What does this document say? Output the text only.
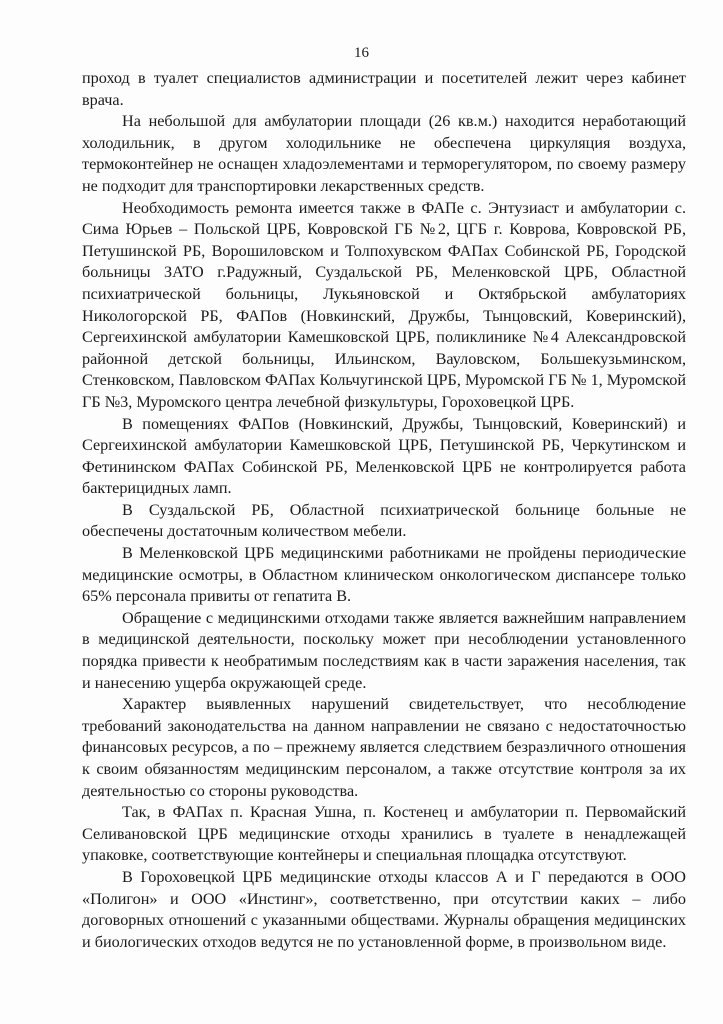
16

проход в туалет специалистов администрации и посетителей лежит через кабинет врача.

На небольшой для амбулатории площади (26 кв.м.) находится неработающий холодильник, в другом холодильнике не обеспечена циркуляция воздуха, термоконтейнер не оснащен хладоэлементами и терморегулятором, по своему размеру не подходит для транспортировки лекарственных средств.

Необходимость ремонта имеется также в ФАПе с. Энтузиаст и амбулатории с. Сима Юрьев – Польской ЦРБ, Ковровской ГБ №2, ЦГБ г. Коврова, Ковровской РБ, Петушинской РБ, Ворошиловском и Толпохувском ФАПах Собинской РБ, Городской больницы ЗАТО г.Радужный, Суздальской РБ, Меленковской ЦРБ, Областной психиатрической больницы, Лукьяновской и Октябрьской амбулаториях Никологорской РБ, ФАПов (Новкинский, Дружбы, Тынцовский, Коверинский), Сергеихинской амбулатории Камешковской ЦРБ, поликлинике №4 Александровской районной детской больницы, Ильинском, Вауловском, Большекузьминском, Стенковском, Павловском ФАПах Кольчугинской ЦРБ, Муромской ГБ № 1, Муромской ГБ №3, Муромского центра лечебной физкультуры, Гороховецкой ЦРБ.

В помещениях ФАПов (Новкинский, Дружбы, Тынцовский, Коверинский) и Сергеихинской амбулатории Камешковской ЦРБ, Петушинской РБ, Черкутинском и Фетининском ФАПах Собинской РБ, Меленковской ЦРБ не контролируется работа бактерицидных ламп.

В Суздальской РБ, Областной психиатрической больнице больные не обеспечены достаточным количеством мебели.

В Меленковской ЦРБ медицинскими работниками не пройдены периодические медицинские осмотры, в Областном клиническом онкологическом диспансере только 65% персонала привиты от гепатита В.

Обращение с медицинскими отходами также является важнейшим направлением в медицинской деятельности, поскольку может при несоблюдении установленного порядка привести к необратимым последствиям как в части заражения населения, так и нанесению ущерба окружающей среде.

Характер выявленных нарушений свидетельствует, что несоблюдение требований законодательства на данном направлении не связано с недостаточностью финансовых ресурсов, а по – прежнему является следствием безразличного отношения к своим обязанностям медицинским персоналом, а также отсутствие контроля за их деятельностью со стороны руководства.

Так, в ФАПах п. Красная Ушна, п. Костенец и амбулатории п. Первомайский Селивановской ЦРБ медицинские отходы хранились в туалете в ненадлежащей упаковке, соответствующие контейнеры и специальная площадка отсутствуют.

В Гороховецкой ЦРБ медицинские отходы классов А и Г передаются в ООО «Полигон» и ООО «Инстинг», соответственно, при отсутствии каких – либо договорных отношений с указанными обществами. Журналы обращения медицинских и биологических отходов ведутся не по установленной форме, в произвольном виде.
